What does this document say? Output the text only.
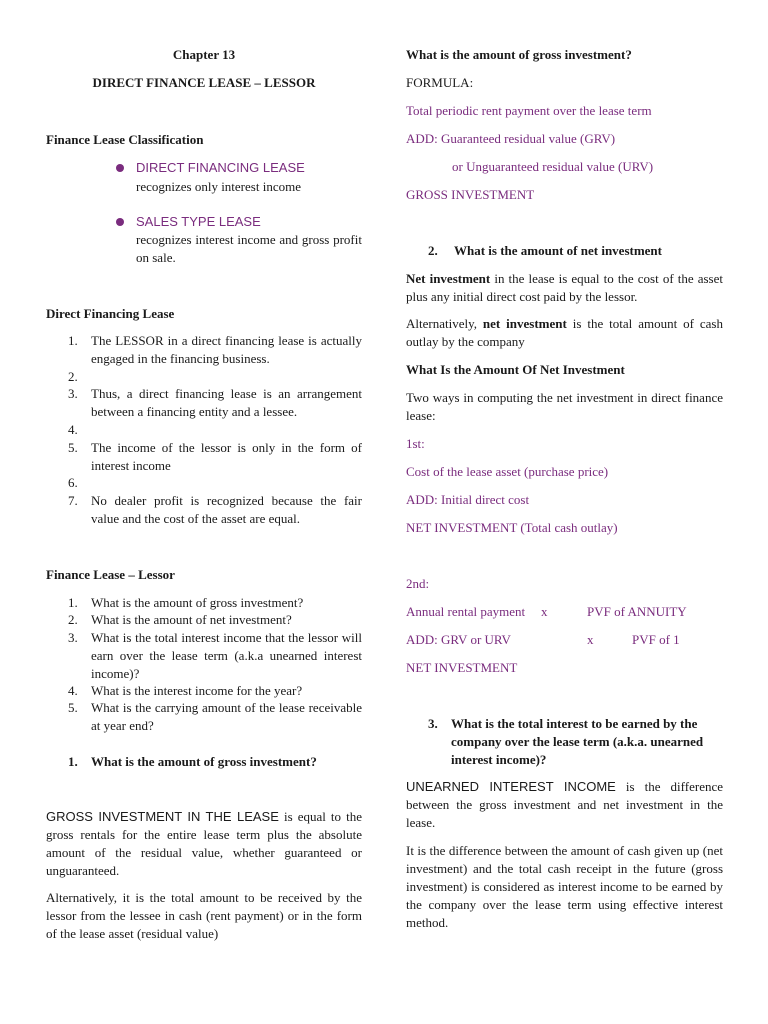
Chapter 13
DIRECT FINANCE LEASE – LESSOR
Finance Lease Classification
DIRECT FINANCING LEASE
recognizes only interest income
SALES TYPE LEASE
recognizes interest income and gross profit on sale.
Direct Financing Lease
1.	The LESSOR in a direct financing lease is actually engaged in the financing business.
2.
3.	Thus, a direct financing lease is an arrangement between a financing entity and a lessee.
4.
5.	The income of the lessor is only in the form of interest income
6.
7.	No dealer profit is recognized because the fair value and the cost of the asset are equal.
Finance Lease – Lessor
1.	What is the amount of gross investment?
2.	What is the amount of net investment?
3.	What is the total interest income that the lessor will earn over the lease term (a.k.a unearned interest income)?
4.	What is the interest income for the year?
5.	What is the carrying amount of the lease receivable at year end?
1.	What is the amount of gross investment?

GROSS INVESTMENT IN THE LEASE is equal to the gross rentals for the entire lease term plus the absolute amount of the residual value, whether guaranteed or unguaranteed.

Alternatively, it is the total amount to be received by the lessor from the lessee in cash (rent payment) or in the form of the lease asset (residual value)

What is the amount of gross investment?
FORMULA:
Total periodic rent payment over the lease term
ADD: Guaranteed residual value (GRV)
or Unguaranteed residual value (URV)
GROSS INVESTMENT
2.	What is the amount of net investment

Net investment in the lease is equal to the cost of the asset plus any initial direct cost paid by the lessor.

Alternatively, net investment is the total amount of cash outlay by the company

What Is the Amount Of Net Investment

Two ways in computing the net investment in direct finance lease:

1st:
Cost of the lease asset (purchase price)
ADD: Initial direct cost
NET INVESTMENT (Total cash outlay)
2nd:
Annual rental payment x	PVF of ANNUITY
ADD: GRV or URV	x	PVF of 1
NET INVESTMENT
3.	What is the total interest to be earned by the company over the lease term (a.k.a. unearned interest income)?

UNEARNED INTEREST INCOME is the difference between the gross investment and net investment in the lease.

It is the difference between the amount of cash given up (net investment) and the total cash receipt in the future (gross investment) is considered as interest income to be earned by the company over the lease term using effective interest method.
